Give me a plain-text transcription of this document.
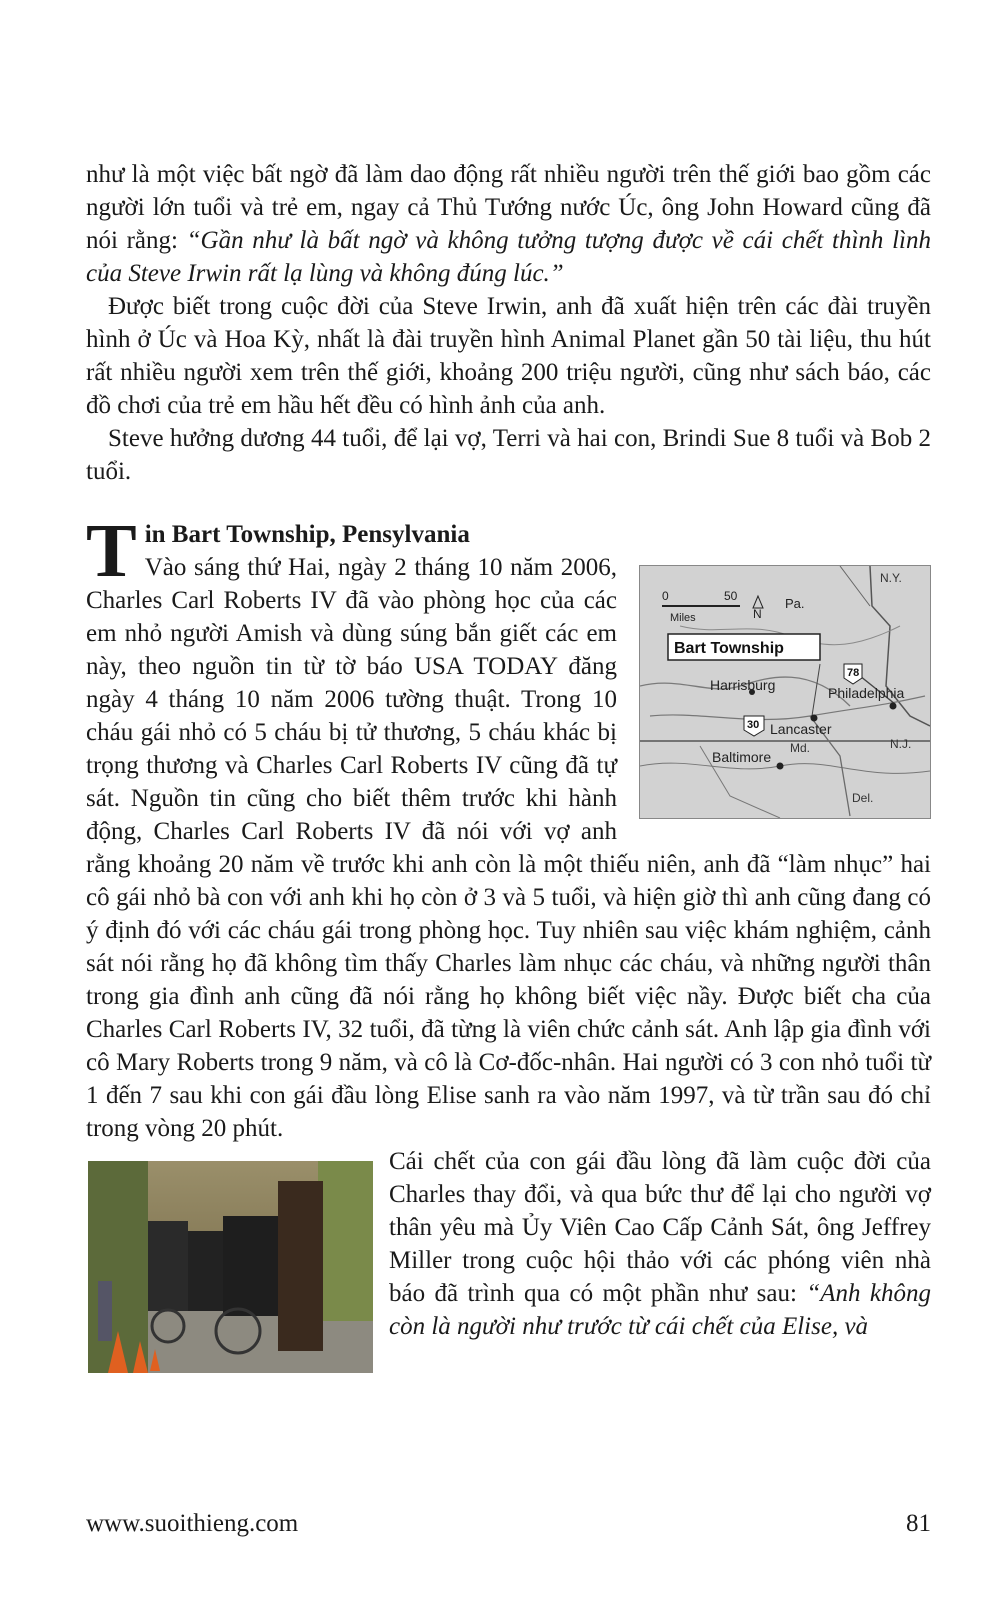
như là một việc bất ngờ đã làm dao động rất nhiều người trên thế giới bao gồm các người lớn tuổi và trẻ em, ngay cả Thủ Tướng nước Úc, ông John Howard cũng đã nói rằng: “Gần như là bất ngờ và không tưởng tượng được về cái chết thình lình của Steve Irwin rất lạ lùng và không đúng lúc.”

Được biết trong cuộc đời của Steve Irwin, anh đã xuất hiện trên các đài truyền hình ở Úc và Hoa Kỳ, nhất là đài truyền hình Animal Planet gần 50 tài liệu, thu hút rất nhiều người xem trên thế giới, khoảng 200 triệu người, cũng như sách báo, các đồ chơi của trẻ em hầu hết đều có hình ảnh của anh.

Steve hưởng dương 44 tuổi, để lại vợ, Terri và hai con, Brindi Sue 8 tuổi và Bob 2 tuổi.

T in Bart Township, Pensylvania
0	50
Miles	N
Pa.
N.Y.
N.J.
Md.
Del.
Bart Township
Harrisburg	Philadelphia
Lancaster
Baltimore
78
30

Vào sáng thứ Hai, ngày 2 tháng 10 năm 2006, Charles Carl Roberts IV đã vào phòng học của các em nhỏ người Amish và dùng súng bắn giết các em này, theo nguồn tin từ tờ báo USA TODAY đăng ngày 4 tháng 10 năm 2006 tường thuật. Trong 10 cháu gái nhỏ có 5 cháu bị tử thương, 5 cháu khác bị trọng thương và Charles Carl Roberts IV cũng đã tự sát. Nguồn tin cũng cho biết thêm trước khi hành động, Charles Carl Roberts IV đã nói với vợ anh rằng khoảng 20 năm về trước khi anh còn là một thiếu niên, anh đã “làm nhục” hai cô gái nhỏ bà con với anh khi họ còn ở 3 và 5 tuổi, và hiện giờ thì anh cũng đang có ý định đó với các cháu gái trong phòng học. Tuy nhiên sau việc khám nghiệm, cảnh sát nói rằng họ đã không tìm thấy Charles làm nhục các cháu, và những người thân trong gia đình anh cũng đã nói rằng họ không biết việc nầy. Được biết cha của Charles Carl Roberts IV, 32 tuổi, đã từng là viên chức cảnh sát. Anh lập gia đình với cô Mary Roberts trong 9 năm, và cô là Cơ-đốc-nhân. Hai người có 3 con nhỏ tuổi từ 1 đến 7 sau khi con gái đầu lòng Elise sanh ra vào năm 1997, và từ trần sau đó chỉ trong vòng 20 phút.

Cái chết của con gái đầu lòng đã làm cuộc đời của Charles thay đổi, và qua bức thư để lại cho người vợ thân yêu mà Ủy Viên Cao Cấp Cảnh Sát, ông Jeffrey Miller trong cuộc hội thảo với các phóng viên nhà báo đã trình qua có một phần như sau: “Anh không còn là người như trước từ cái chết của Elise, và

www.suoithieng.com	81
